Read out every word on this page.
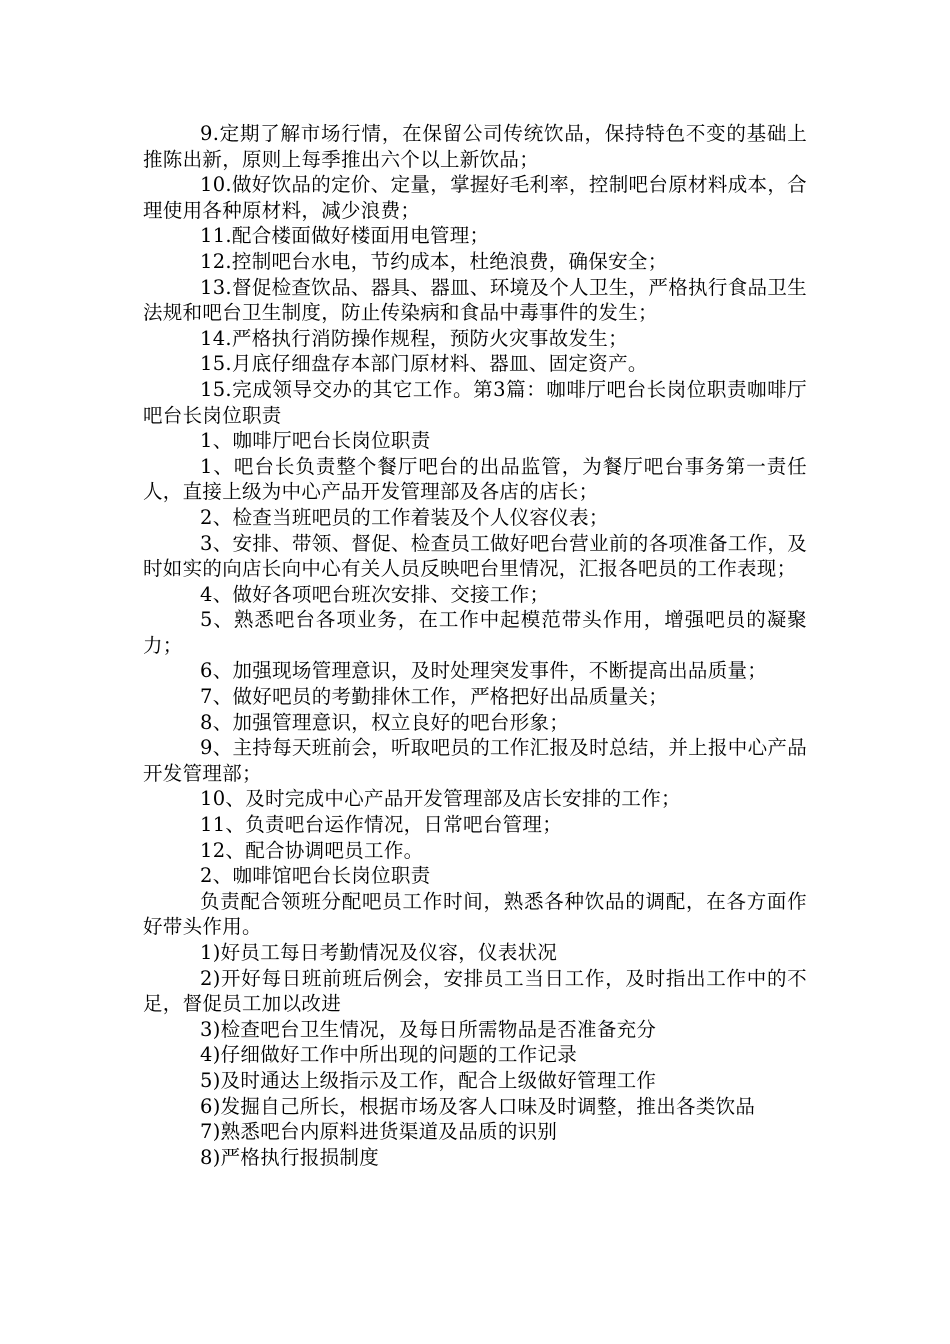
9.定期了解市场行情，在保留公司传统饮品，保持特色不变的基础上推陈出新，原则上每季推出六个以上新饮品；

10.做好饮品的定价、定量，掌握好毛利率，控制吧台原材料成本，合理使用各种原材料，减少浪费；

11.配合楼面做好楼面用电管理；

12.控制吧台水电，节约成本，杜绝浪费，确保安全；

13.督促检查饮品、器具、器皿、环境及个人卫生，严格执行食品卫生法规和吧台卫生制度，防止传染病和食品中毒事件的发生；

14.严格执行消防操作规程，预防火灾事故发生；

15.月底仔细盘存本部门原材料、器皿、固定资产。

15.完成领导交办的其它工作。第3篇：咖啡厅吧台长岗位职责咖啡厅吧台长岗位职责

1、咖啡厅吧台长岗位职责

1、吧台长负责整个餐厅吧台的出品监管，为餐厅吧台事务第一责任人，直接上级为中心产品开发管理部及各店的店长；

2、检查当班吧员的工作着装及个人仪容仪表；

3、安排、带领、督促、检查员工做好吧台营业前的各项准备工作，及时如实的向店长向中心有关人员反映吧台里情况，汇报各吧员的工作表现；

4、做好各项吧台班次安排、交接工作；

5、熟悉吧台各项业务，在工作中起模范带头作用，增强吧员的凝聚力；

6、加强现场管理意识，及时处理突发事件，不断提高出品质量；

7、做好吧员的考勤排休工作，严格把好出品质量关；

8、加强管理意识，权立良好的吧台形象；

9、主持每天班前会，听取吧员的工作汇报及时总结，并上报中心产品开发管理部；

10、及时完成中心产品开发管理部及店长安排的工作；

11、负责吧台运作情况，日常吧台管理；

12、配合协调吧员工作。

2、咖啡馆吧台长岗位职责

负责配合领班分配吧员工作时间，熟悉各种饮品的调配，在各方面作好带头作用。

1)好员工每日考勤情况及仪容，仪表状况

2)开好每日班前班后例会，安排员工当日工作，及时指出工作中的不足，督促员工加以改进

3)检查吧台卫生情况，及每日所需物品是否准备充分

4)仔细做好工作中所出现的问题的工作记录

5)及时通达上级指示及工作，配合上级做好管理工作

6)发掘自己所长，根据市场及客人口味及时调整，推出各类饮品

7)熟悉吧台内原料进货渠道及品质的识别

8)严格执行报损制度
